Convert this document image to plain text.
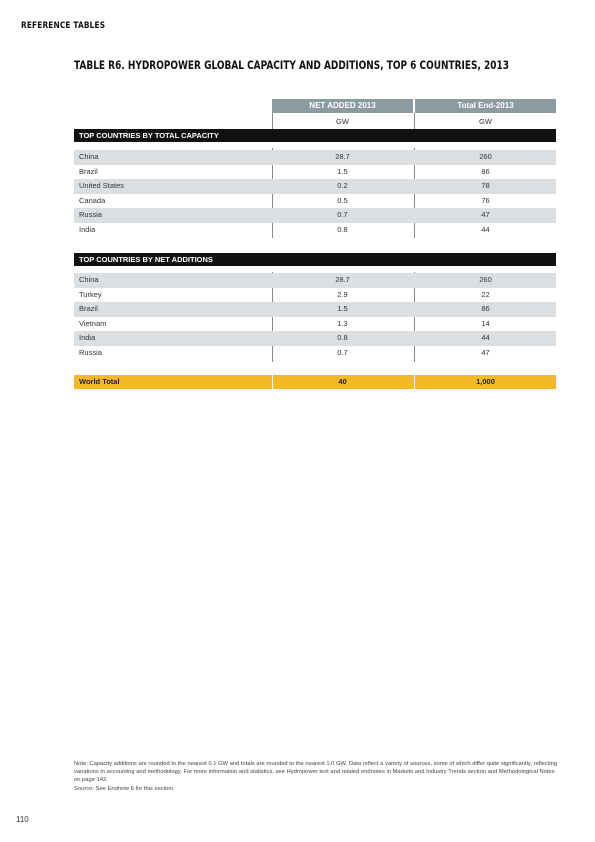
REFERENCE TABLES
TABLE R6. HYDROPOWER GLOBAL CAPACITY AND ADDITIONS, TOP 6 COUNTRIES, 2013
NET ADDED 2013	Total End-2013
GW	GW
TOP COUNTRIES BY TOTAL CAPACITY
China	28.7	260
Brazil	1.5	86
United States	0.2	78
Canada	0.5	76
Russia	0.7	47
India	0.8	44
TOP COUNTRIES BY NET ADDITIONS
China	28.7	260
Turkey	2.9	22
Brazil	1.5	86
Vietnam	1.3	14
India	0.8	44
Russia	0.7	47
World Total	40	1,000
Note: Capacity additions are rounded to the nearest 0.1 GW and totals are rounded to the nearest 1.0 GW. Data reflect a variety of sources, some of which differ quite significantly, reflecting variations in accounting and methodology. For more information and statistics, see Hydropower text and related endnotes in Markets and Industry Trends section and Methodological Notes on page 142.
Source: See Endnote 6 for this section.
110
